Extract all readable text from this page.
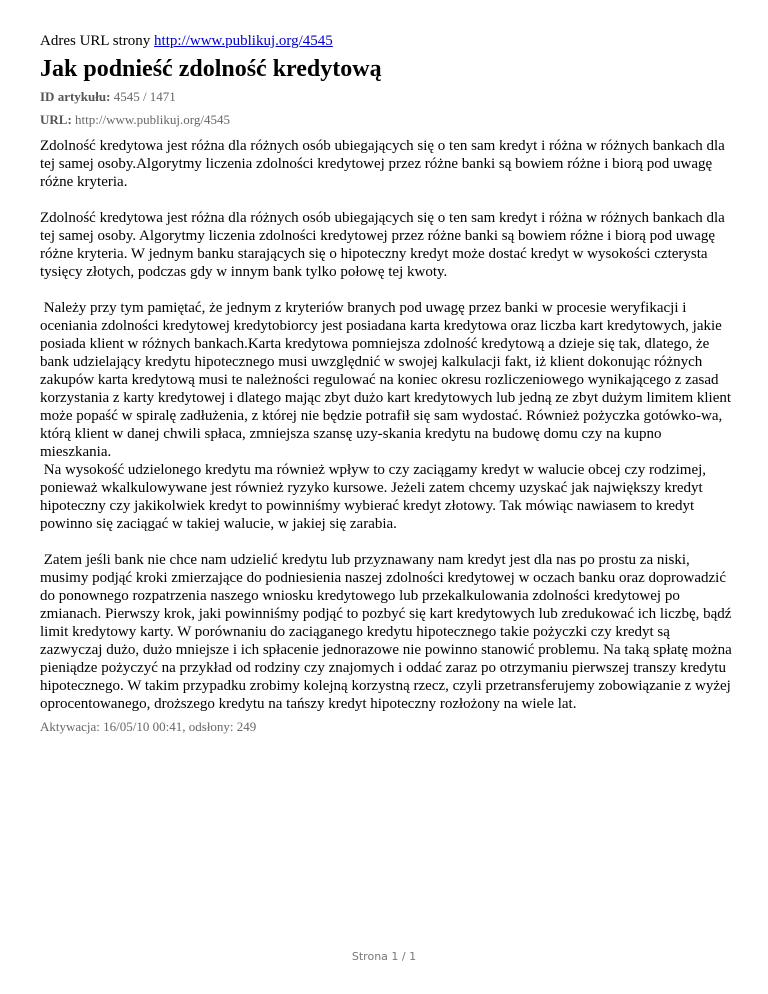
Adres URL strony http://www.publikuj.org/4545

Jak podnieść zdolność kredytową
ID artykułu: 4545 / 1471
URL: http://www.publikuj.org/4545

Zdolność kredytowa jest różna dla różnych osób ubiegających się o ten sam kredyt i różna w różnych bankach dla tej samej osoby.Algorytmy liczenia zdolności kredytowej przez różne banki są bowiem różne i biorą pod uwagę różne kryteria.

Zdolność kredytowa jest różna dla różnych osób ubiegających się o ten sam kredyt i różna w różnych bankach dla tej samej osoby. Algorytmy liczenia zdolności kredytowej przez różne banki są bowiem różne i biorą pod uwagę różne kryteria. W jednym banku starających się o hipoteczny kredyt może dostać kredyt w wysokości czterysta tysięcy złotych, podczas gdy w innym bank tylko połowę tej kwoty.

Należy przy tym pamiętać, że jednym z kryteriów branych pod uwagę przez banki w procesie weryfikacji i oceniania zdolności kredytowej kredytobiorcy jest posiadana karta kredytowa oraz liczba kart kredytowych, jakie posiada klient w różnych bankach.Karta kredytowa pomniejsza zdolność kredytową a dzieje się tak, dlatego, że bank udzielający kredytu hipotecznego musi uwzględnić w swojej kalkulacji fakt, iż klient dokonując różnych zakupów karta kredytową musi te należności regulować na koniec okresu rozliczeniowego wynikającego z zasad korzystania z karty kredytowej i dlatego mając zbyt dużo kart kredytowych lub jedną ze zbyt dużym limitem klient może popaść w spiralę zadłużenia, z której nie będzie potrafił się sam wydostać. Również pożyczka gotówko-wa, którą klient w danej chwili spłaca, zmniejsza szansę uzy-skania kredytu na budowę domu czy na kupno mieszkania.

Na wysokość udzielonego kredytu ma również wpływ to czy zaciągamy kredyt w walucie obcej czy rodzimej, ponieważ wkalkulowywane jest również ryzyko kursowe. Jeżeli zatem chcemy uzyskać jak największy kredyt hipoteczny czy jakikolwiek kredyt to powinniśmy wybierać kredyt złotowy. Tak mówiąc nawiasem to kredyt powinno się zaciągać w takiej walucie, w jakiej się zarabia.

Zatem jeśli bank nie chce nam udzielić kredytu lub przyznawany nam kredyt jest dla nas po prostu za niski, musimy podjąć kroki zmierzające do podniesienia naszej zdolności kredytowej w oczach banku oraz doprowadzić do ponownego rozpatrzenia naszego wniosku kredytowego lub przekalkulowania zdolności kredytowej po zmianach. Pierwszy krok, jaki powinniśmy podjąć to pozbyć się kart kredytowych lub zredukować ich liczbę, bądź limit kredytowy karty. W porównaniu do zaciąganego kredytu hipotecznego takie pożyczki czy kredyt są zazwyczaj dużo, dużo mniejsze i ich spłacenie jednorazowe nie powinno stanowić problemu. Na taką spłatę można pieniądze pożyczyć na przykład od rodziny czy znajomych i oddać zaraz po otrzymaniu pierwszej transzy kredytu hipotecznego. W takim przypadku zrobimy kolejną korzystną rzecz, czyli przetransferujemy zobowiązanie z wyżej oprocentowanego, droższego kredytu na tańszy kredyt hipoteczny rozłożony na wiele lat.

Aktywacja: 16/05/10 00:41, odsłony: 249
Strona 1 / 1
